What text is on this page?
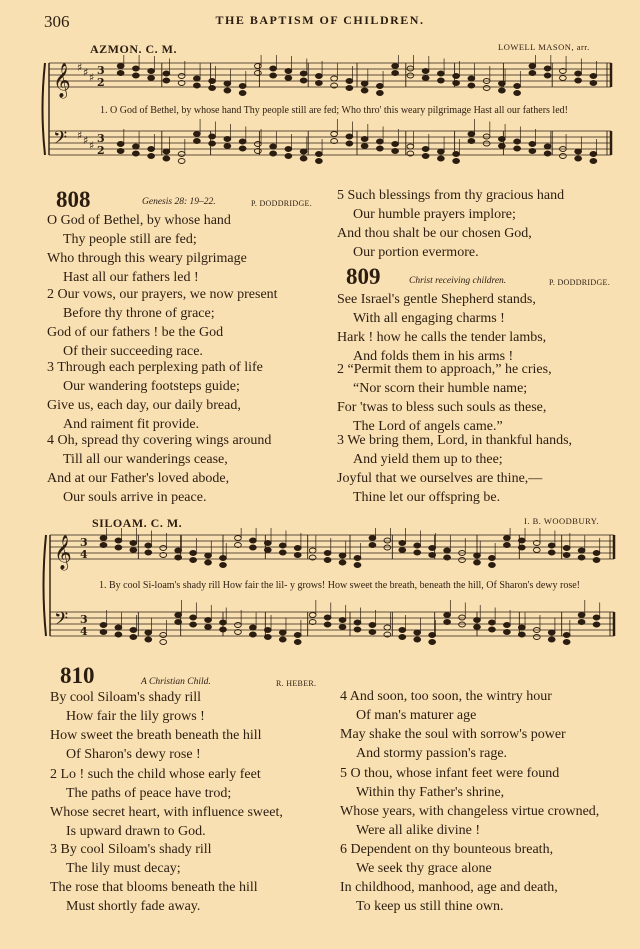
306	THE BAPTISM OF CHILDREN.
AZMON. C. M.	LOWELL MASON, arr.
𝄞 ♯ ♯ ♯
3
2
𝄢 ♯ ♯ ♯
3
2
1. O God of Bethel, by whose hand Thy people still are fed; Who thro' this weary pilgrimage Hast all our fathers led!
808	Genesis 28: 19–22.	P. DODDRIDGE.
O God of Bethel, by whose hand
Thy people still are fed;
Who through this weary pilgrimage
Hast all our fathers led !
2 Our vows, our prayers, we now present
Before thy throne of grace;
God of our fathers ! be the God
Of their succeeding race.
3 Through each perplexing path of life
Our wandering footsteps guide;
Give us, each day, our daily bread,
And raiment fit provide.
4 Oh, spread thy covering wings around
Till all our wanderings cease,
And at our Father's loved abode,
Our souls arrive in peace.
5 Such blessings from thy gracious hand
Our humble prayers implore;
And thou shalt be our chosen God,
Our portion evermore.
809	Christ receiving children.	P. DODDRIDGE.
See Israel's gentle Shepherd stands,
With all engaging charms !
Hark ! how he calls the tender lambs,
And folds them in his arms !
2 “Permit them to approach,” he cries,
“Nor scorn their humble name;
For 'twas to bless such souls as these,
The Lord of angels came.”
3 We bring them, Lord, in thankful hands,
And yield them up to thee;
Joyful that we ourselves are thine,—
Thine let our offspring be.
SILOAM. C. M.	I. B. WOODBURY.
𝄞 3
4
𝄢 3
4
1. By cool Si-loam's shady rill How fair the lil- y grows! How sweet the breath, beneath the hill, Of Sharon's dewy rose!
810	A Christian Child.	R. HEBER.
By cool Siloam's shady rill
How fair the lily grows !
How sweet the breath beneath the hill
Of Sharon's dewy rose !
2 Lo ! such the child whose early feet
The paths of peace have trod;
Whose secret heart, with influence sweet,
Is upward drawn to God.
3 By cool Siloam's shady rill
The lily must decay;
The rose that blooms beneath the hill
Must shortly fade away.
4 And soon, too soon, the wintry hour
Of man's maturer age
May shake the soul with sorrow's power
And stormy passion's rage.
5 O thou, whose infant feet were found
Within thy Father's shrine,
Whose years, with changeless virtue crowned,
Were all alike divine !
6 Dependent on thy bounteous breath,
We seek thy grace alone
In childhood, manhood, age and death,
To keep us still thine own.
